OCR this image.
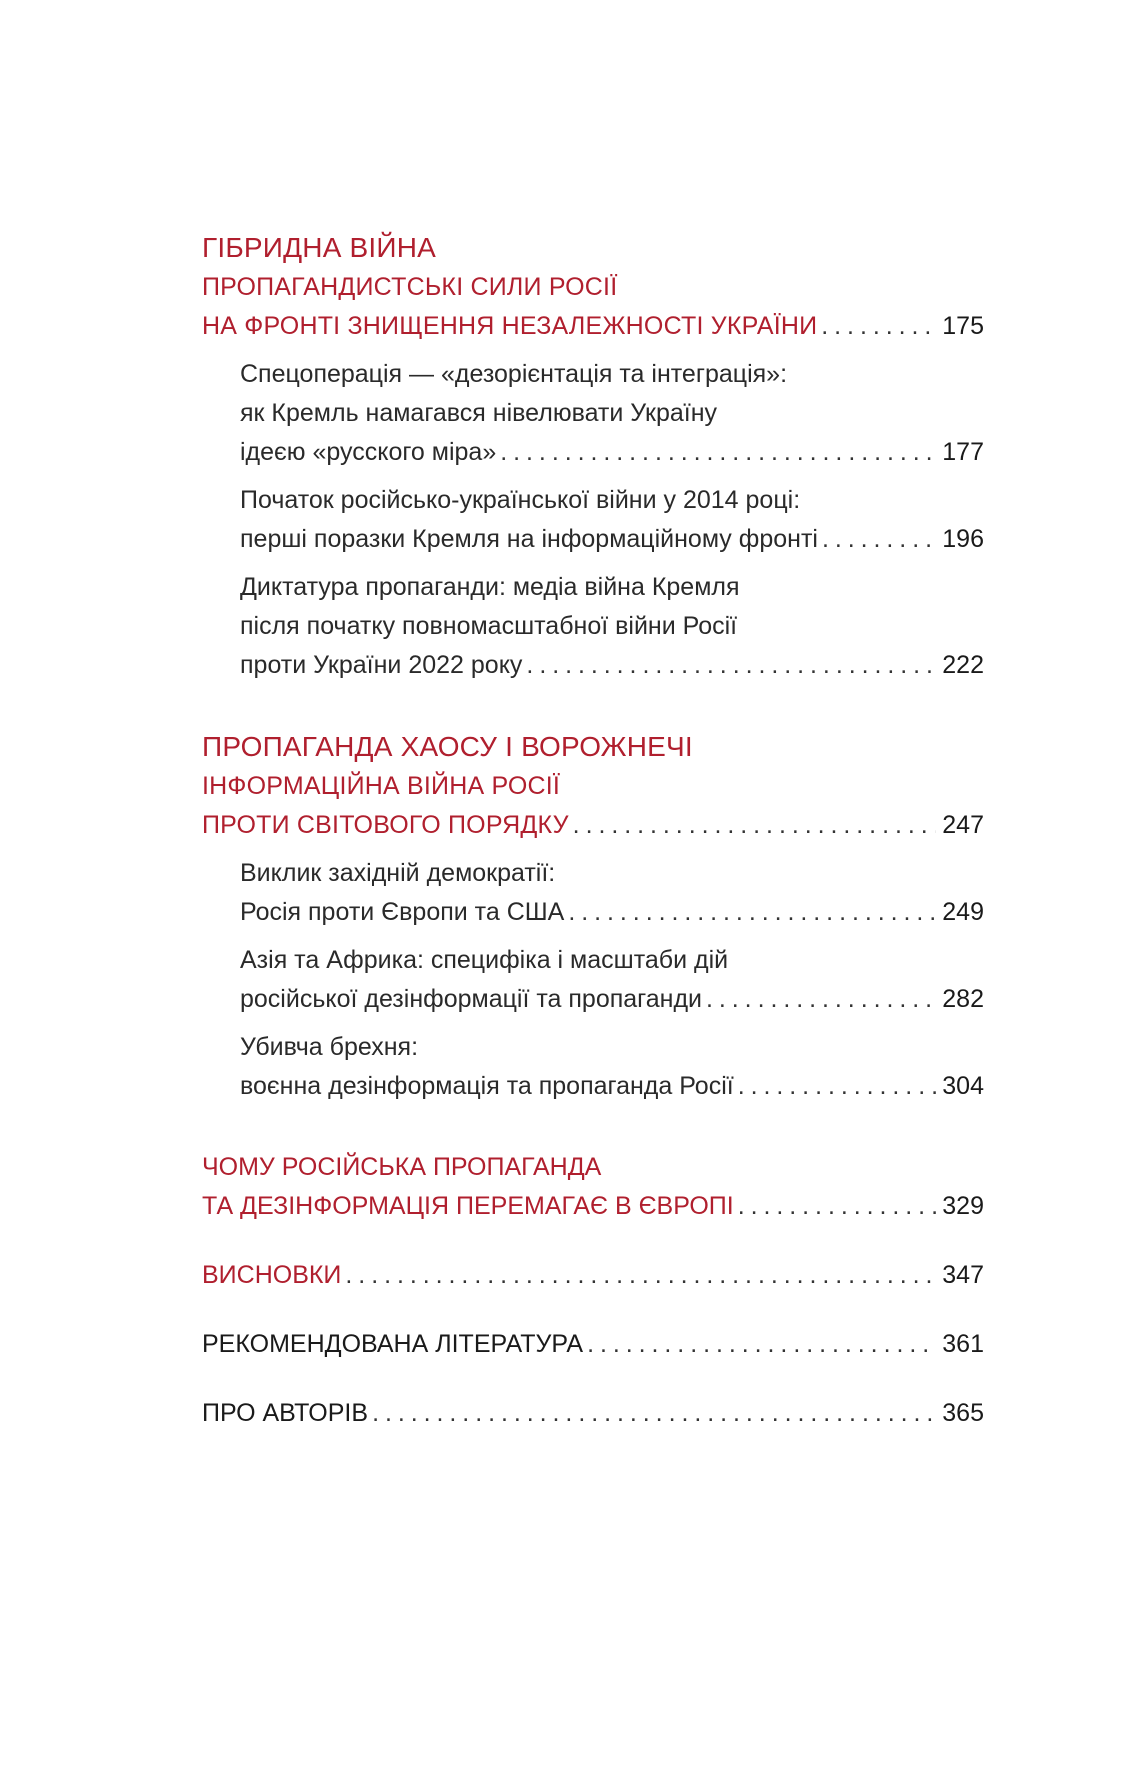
ГІБРИДНА ВІЙНА
ПРОПАГАНДИСТСЬКІ СИЛИ РОСІЇ
НА ФРОНТІ ЗНИЩЕННЯ НЕЗАЛЕЖНОСТІ УКРАЇНИ . . .	175
Спецоперація — «дезорієнтація та інтеграція»:
як Кремль намагався нівелювати Україну
ідеєю «русского міра» . . .	177
Початок російсько-української війни у 2014 році:
перші поразки Кремля на інформаційному фронті . . .	196
Диктатура пропаганди: медіа війна Кремля
після початку повномасштабної війни Росії
проти України 2022 року . . .	222
ПРОПАГАНДА ХАОСУ І ВОРОЖНЕЧІ
ІНФОРМАЦІЙНА ВІЙНА РОСІЇ
ПРОТИ СВІТОВОГО ПОРЯДКУ . . .	247
Виклик західній демократії:
Росія проти Європи та США . . .	249
Азія та Африка: специфіка і масштаби дій
російської дезінформації та пропаганди . . .	282
Убивча брехня:
воєнна дезінформація та пропаганда Росії . . .	304
ЧОМУ РОСІЙСЬКА ПРОПАГАНДА
ТА ДЕЗІНФОРМАЦІЯ ПЕРЕМАГАЄ В ЄВРОПІ . . .	329
ВИСНОВКИ . . .	347
РЕКОМЕНДОВАНА ЛІТЕРАТУРА . . .	361
ПРО АВТОРІВ . . .	365
